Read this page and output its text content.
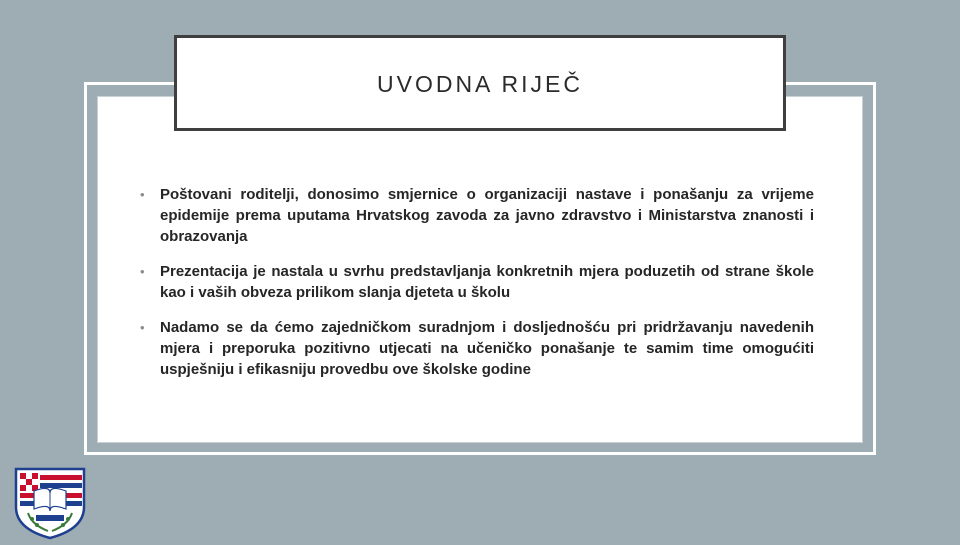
UVODNA RIJEČ
• Poštovani roditelji, donosimo smjernice o organizaciji nastave i ponašanju za vrijeme epidemije prema uputama Hrvatskog zavoda za javno zdravstvo i Ministarstva znanosti i obrazovanja
• Prezentacija je nastala u svrhu predstavljanja konkretnih mjera poduzetih od strane škole kao i vaših obveza prilikom slanja djeteta u školu
• Nadamo se da ćemo zajedničkom suradnjom i dosljednošću pri pridržavanju navedenih mjera i preporuka pozitivno utjecati na učeničko ponašanje te samim time omogućiti uspješniju i efikasniju provedbu ove školske godine
